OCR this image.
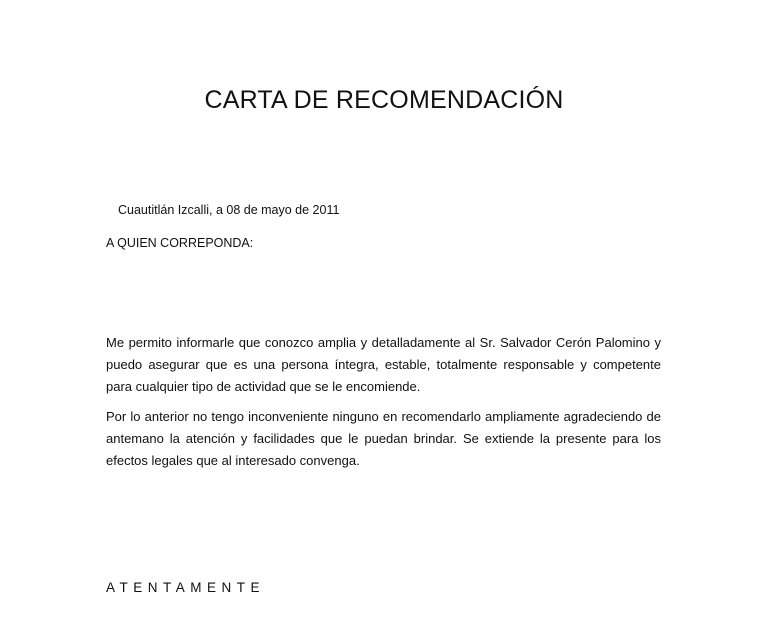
CARTA DE RECOMENDACIÓN
Cuautitlán Izcalli, a 08 de mayo de 2011
A QUIEN CORREPONDA:

Me permito informarle que conozco amplia y detalladamente al Sr. Salvador Cerón Palomino y puedo asegurar que es una persona íntegra, estable, totalmente responsable y competente para cualquier tipo de actividad que se le encomiende.

Por lo anterior no tengo inconveniente ninguno en recomendarlo ampliamente agradeciendo de antemano la atención y facilidades que le puedan brindar. Se extiende la presente para los efectos legales que al interesado convenga.

ATENTAMENTE
